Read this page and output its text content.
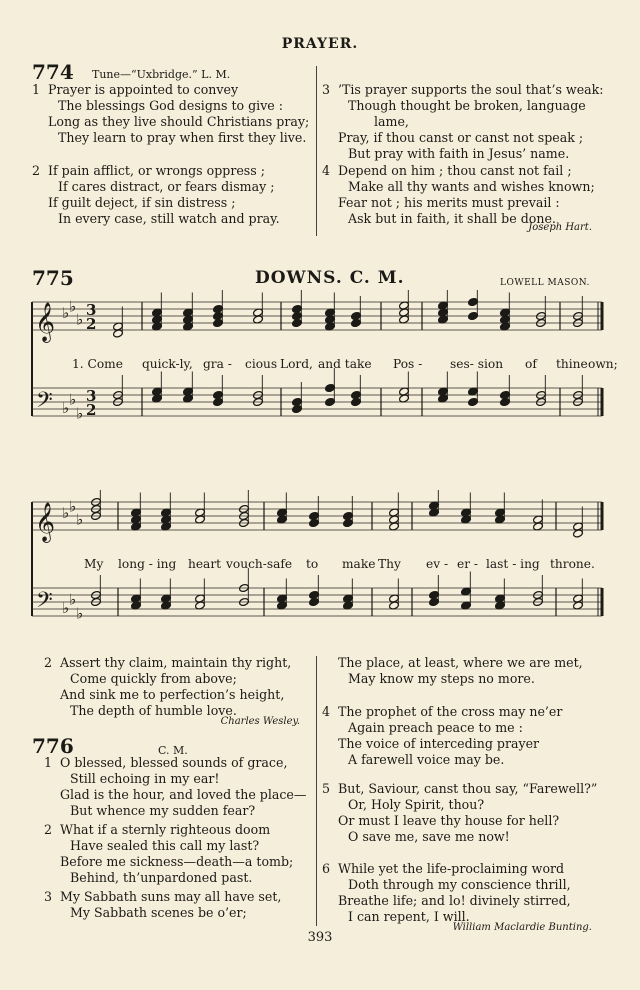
PRAYER.
774 Tune—“Uxbridge.” L. M.
1 Prayer is appointed to convey
The blessings God designs to give :
Long as they live should Christians pray;
They learn to pray when first they live.
2 If pain afflict, or wrongs oppress ;
If cares distract, or fears dismay ;
If guilt deject, if sin distress ;
In every case, still watch and pray.
3 ’Tis prayer supports the soul that’s weak:
Though thought be broken, language
lame,
Pray, if thou canst or canst not speak ;
But pray with faith in Jesus’ name.
4 Depend on him ; thou canst not fail ;
Make all thy wants and wishes known;
Fear not ; his merits must prevail :
Ask but in faith, it shall be done.
Joseph Hart.
775	DOWNS. C. M.	LOWELL MASON.
𝄞 ♭ ♭
♭
3
2
𝄢 ♭ ♭
♭
3
2
1. Come quick-ly, gra - cious Lord, and take Pos - ses- sion of thine own;
𝄞 ♭ ♭
♭
𝄢 ♭ ♭
♭
My long - ing heart vouch-safe to make Thy ev - er - last - ing throne.
2 Assert thy claim, maintain thy right,
Come quickly from above;
And sink me to perfection’s height,
The depth of humble love.
Charles Wesley.
776	C. M.
1 O blessed, blessed sounds of grace,
Still echoing in my ear!
Glad is the hour, and loved the place—
But whence my sudden fear?
2 What if a sternly righteous doom
Have sealed this call my last?
Before me sickness—death—a tomb;
Behind, th’unpardoned past.
3 My Sabbath suns may all have set,
My Sabbath scenes be o’er;
The place, at least, where we are met,
May know my steps no more.
4 The prophet of the cross may ne’er
Again preach peace to me :
The voice of interceding prayer
A farewell voice may be.
5 But, Saviour, canst thou say, “Farewell?”
Or, Holy Spirit, thou?
Or must I leave thy house for hell?
O save me, save me now!
6 While yet the life-proclaiming word
Doth through my conscience thrill,
Breathe life; and lo! divinely stirred,
I can repent, I will.
William Maclardie Bunting.
393
